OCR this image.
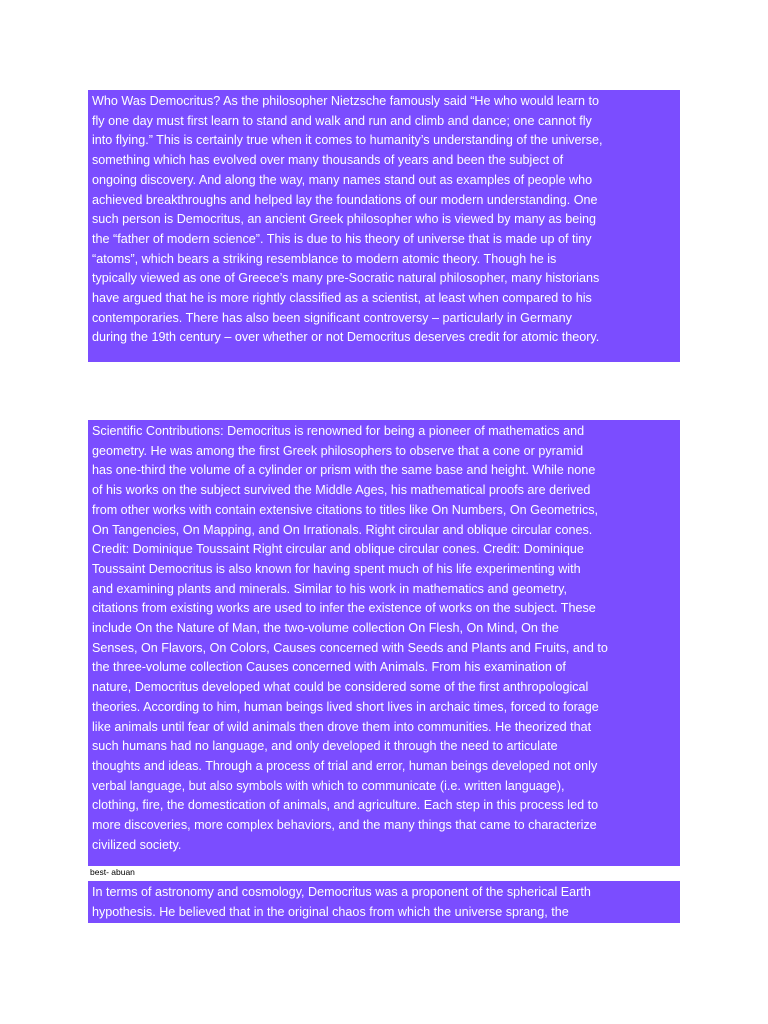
Who Was Democritus? As the philosopher Nietzsche famously said “He who would learn to
fly one day must first learn to stand and walk and run and climb and dance; one cannot fly
into flying.” This is certainly true when it comes to humanity’s understanding of the universe,
something which has evolved over many thousands of years and been the subject of
ongoing discovery. And along the way, many names stand out as examples of people who
achieved breakthroughs and helped lay the foundations of our modern understanding. One
such person is Democritus, an ancient Greek philosopher who is viewed by many as being
the “father of modern science”. This is due to his theory of universe that is made up of tiny
“atoms”, which bears a striking resemblance to modern atomic theory. Though he is
typically viewed as one of Greece’s many pre-Socratic natural philosopher, many historians
have argued that he is more rightly classified as a scientist, at least when compared to his
contemporaries. There has also been significant controversy – particularly in Germany
during the 19th century – over whether or not Democritus deserves credit for atomic theory.
Scientific Contributions: Democritus is renowned for being a pioneer of mathematics and
geometry. He was among the first Greek philosophers to observe that a cone or pyramid
has one-third the volume of a cylinder or prism with the same base and height. While none
of his works on the subject survived the Middle Ages, his mathematical proofs are derived
from other works with contain extensive citations to titles like On Numbers, On Geometrics,
On Tangencies, On Mapping, and On Irrationals. Right circular and oblique circular cones.
Credit: Dominique Toussaint Right circular and oblique circular cones. Credit: Dominique
Toussaint Democritus is also known for having spent much of his life experimenting with
and examining plants and minerals. Similar to his work in mathematics and geometry,
citations from existing works are used to infer the existence of works on the subject. These
include On the Nature of Man, the two-volume collection On Flesh, On Mind, On the
Senses, On Flavors, On Colors, Causes concerned with Seeds and Plants and Fruits, and to
the three-volume collection Causes concerned with Animals. From his examination of
nature, Democritus developed what could be considered some of the first anthropological
theories. According to him, human beings lived short lives in archaic times, forced to forage
like animals until fear of wild animals then drove them into communities. He theorized that
such humans had no language, and only developed it through the need to articulate
thoughts and ideas. Through a process of trial and error, human beings developed not only
verbal language, but also symbols with which to communicate (i.e. written language),
clothing, fire, the domestication of animals, and agriculture. Each step in this process led to
more discoveries, more complex behaviors, and the many things that came to characterize
civilized society.
best- abuan
In terms of astronomy and cosmology, Democritus was a proponent of the spherical Earth
hypothesis. He believed that in the original chaos from which the universe sprang, the
